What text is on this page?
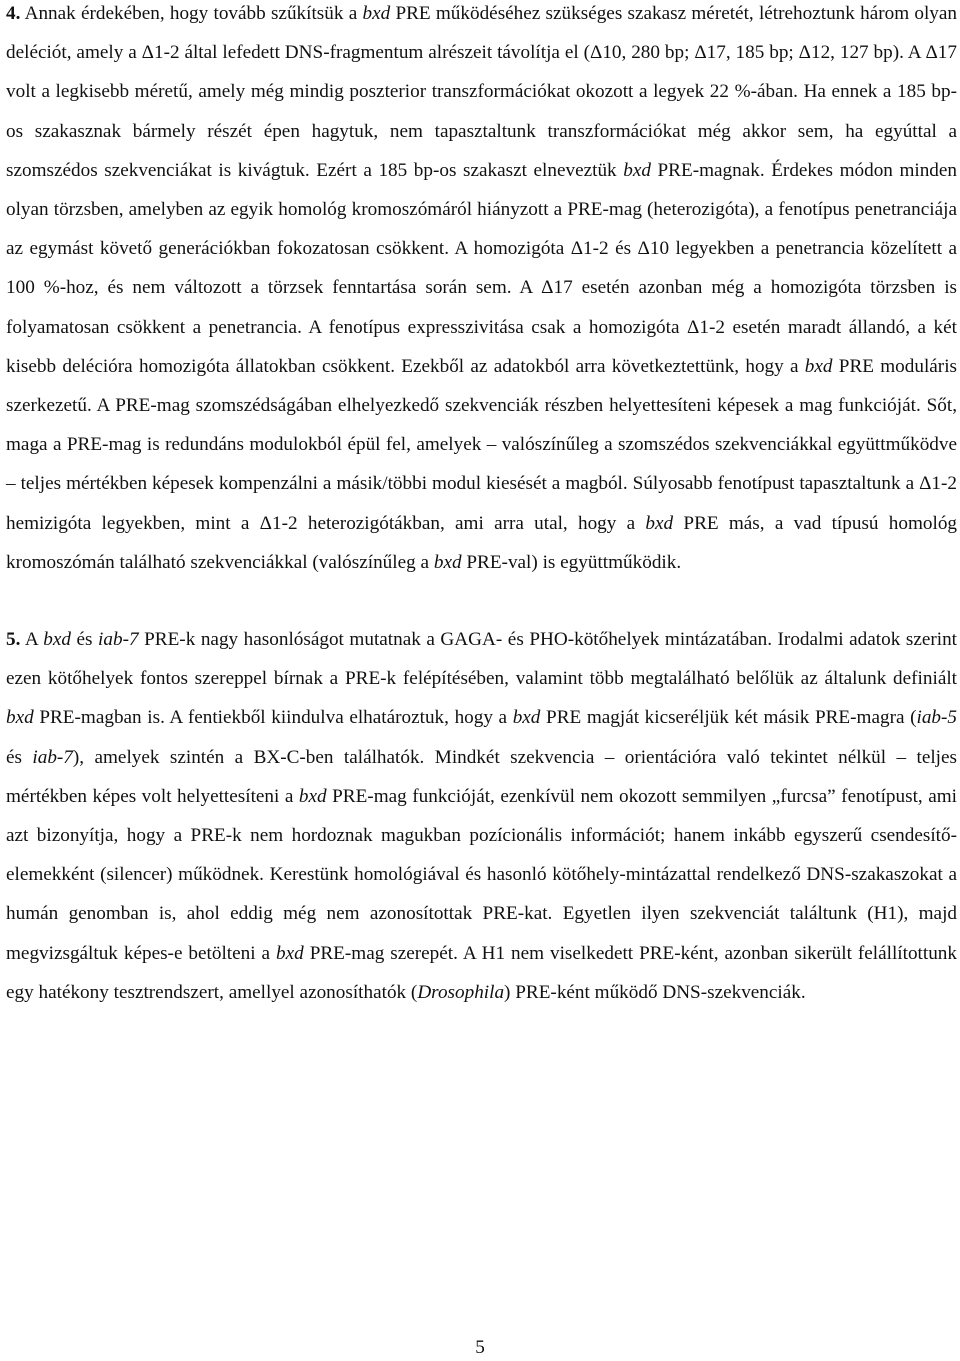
4. Annak érdekében, hogy tovább szűkítsük a bxd PRE működéséhez szükséges szakasz méretét, létrehoztunk három olyan deléciót, amely a Δ1-2 által lefedett DNS-fragmentum alrészeit távolítja el (Δ10, 280 bp; Δ17, 185 bp; Δ12, 127 bp). A Δ17 volt a legkisebb méretű, amely még mindig poszterior transzformációkat okozott a legyek 22 %-ában. Ha ennek a 185 bp-os szakasznak bármely részét épen hagytuk, nem tapasztaltunk transzformációkat még akkor sem, ha egyúttal a szomszédos szekvenciákat is kivágtuk. Ezért a 185 bp-os szakaszt elneveztük bxd PRE-magnak. Érdekes módon minden olyan törzsben, amelyben az egyik homológ kromoszómáról hiányzott a PRE-mag (heterozigóta), a fenotípus penetranciája az egymást követő generációkban fokozatosan csökkent. A homozigóta Δ1-2 és Δ10 legyekben a penetrancia közelített a 100 %-hoz, és nem változott a törzsek fenntartása során sem. A Δ17 esetén azonban még a homozigóta törzsben is folyamatosan csökkent a penetrancia. A fenotípus expresszivitása csak a homozigóta Δ1-2 esetén maradt állandó, a két kisebb delécióra homozigóta állatokban csökkent. Ezekből az adatokból arra következtettünk, hogy a bxd PRE moduláris szerkezetű. A PRE-mag szomszédságában elhelyezkedő szekvenciák részben helyettesíteni képesek a mag funkcióját. Sőt, maga a PRE-mag is redundáns modulokból épül fel, amelyek – valószínűleg a szomszédos szekvenciákkal együttműködve – teljes mértékben képesek kompenzálni a másik/többi modul kiesését a magból. Súlyosabb fenotípust tapasztaltunk a Δ1-2 hemizigóta legyekben, mint a Δ1-2 heterozigótákban, ami arra utal, hogy a bxd PRE más, a vad típusú homológ kromoszómán található szekvenciákkal (valószínűleg a bxd PRE-val) is együttműködik.

5. A bxd és iab-7 PRE-k nagy hasonlóságot mutatnak a GAGA- és PHO-kötőhelyek mintázatában. Irodalmi adatok szerint ezen kötőhelyek fontos szereppel bírnak a PRE-k felépítésében, valamint több megtalálható belőlük az általunk definiált bxd PRE-magban is. A fentiekből kiindulva elhatároztuk, hogy a bxd PRE magját kicseréljük két másik PRE-magra (iab-5 és iab-7), amelyek szintén a BX-C-ben találhatók. Mindkét szekvencia – orientációra való tekintet nélkül – teljes mértékben képes volt helyettesíteni a bxd PRE-mag funkcióját, ezenkívül nem okozott semmilyen „furcsa” fenotípust, ami azt bizonyítja, hogy a PRE-k nem hordoznak magukban pozícionális információt; hanem inkább egyszerű csendesítő-elemekként (silencer) működnek. Kerestünk homológiával és hasonló kötőhely-mintázattal rendelkező DNS-szakaszokat a humán genomban is, ahol eddig még nem azonosítottak PRE-kat. Egyetlen ilyen szekvenciát találtunk (H1), majd megvizsgáltuk képes-e betölteni a bxd PRE-mag szerepét. A H1 nem viselkedett PRE-ként, azonban sikerült felállítottunk egy hatékony tesztrendszert, amellyel azonosíthatók (Drosophila) PRE-ként működő DNS-szekvenciák.

5
